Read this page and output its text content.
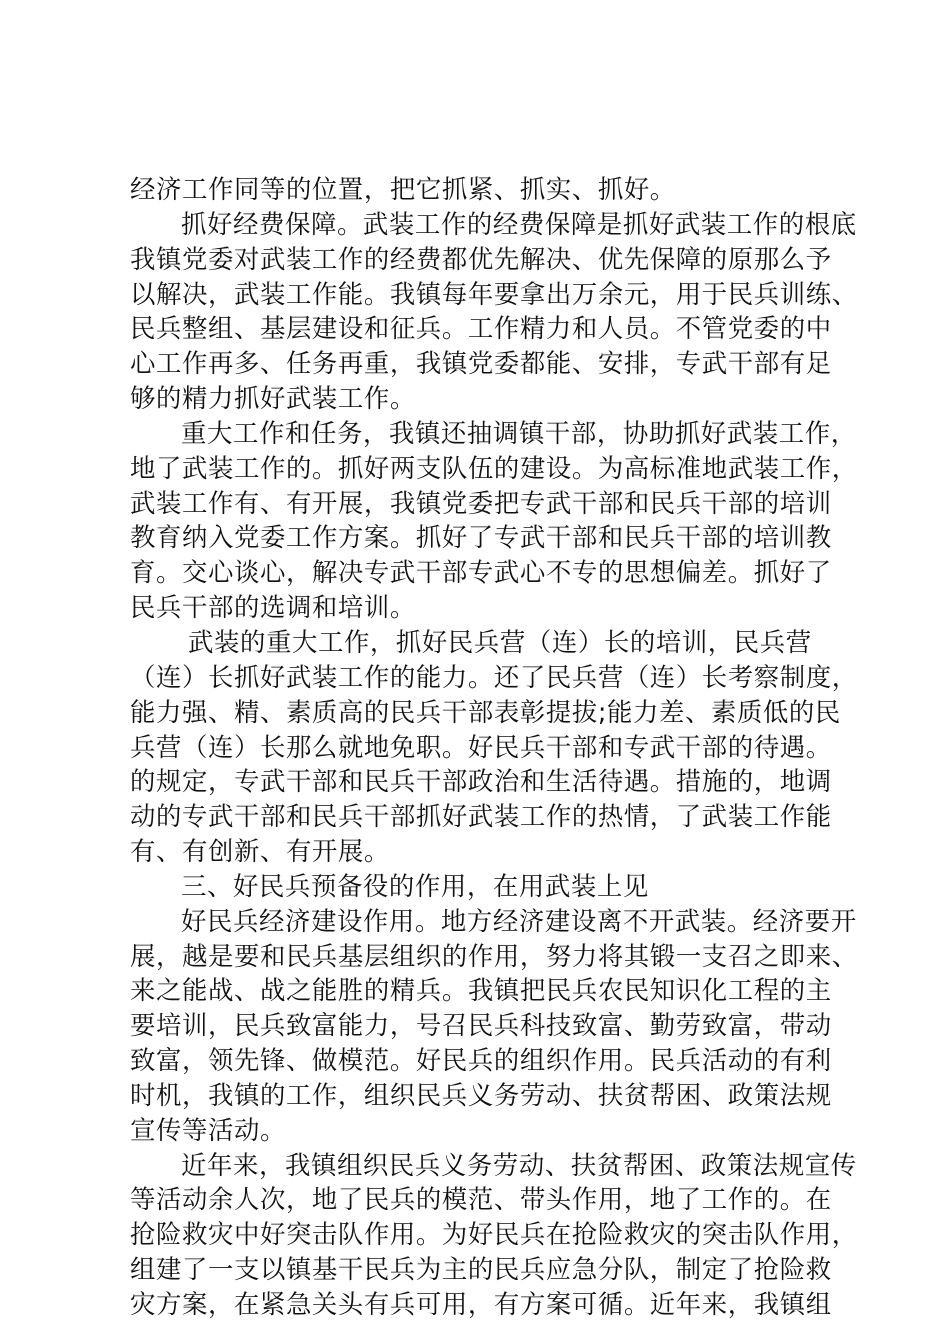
经济工作同等的位置，把它抓紧、抓实、抓好。
抓好经费保障。武装工作的经费保障是抓好武装工作的根底
我镇党委对武装工作的经费都优先解决、优先保障的原那么予
以解决，武装工作能。我镇每年要拿出万余元，用于民兵训练、
民兵整组、基层建设和征兵。工作精力和人员。不管党委的中
心工作再多、任务再重，我镇党委都能、安排，专武干部有足
够的精力抓好武装工作。
重大工作和任务，我镇还抽调镇干部，协助抓好武装工作，
地了武装工作的。抓好两支队伍的建设。为高标准地武装工作，
武装工作有、有开展，我镇党委把专武干部和民兵干部的培训
教育纳入党委工作方案。抓好了专武干部和民兵干部的培训教
育。交心谈心，解决专武干部专武心不专的思想偏差。抓好了
民兵干部的选调和培训。
武装的重大工作，抓好民兵营（连）长的培训，民兵营
（连）长抓好武装工作的能力。还了民兵营（连）长考察制度，
能力强、精、素质高的民兵干部表彰提拔;能力差、素质低的民
兵营（连）长那么就地免职。好民兵干部和专武干部的待遇。
的规定，专武干部和民兵干部政治和生活待遇。措施的，地调
动的专武干部和民兵干部抓好武装工作的热情，了武装工作能
有、有创新、有开展。
三、好民兵预备役的作用，在用武装上见
好民兵经济建设作用。地方经济建设离不开武装。经济要开
展，越是要和民兵基层组织的作用，努力将其锻一支召之即来、
来之能战、战之能胜的精兵。我镇把民兵农民知识化工程的主
要培训，民兵致富能力，号召民兵科技致富、勤劳致富，带动
致富，领先锋、做模范。好民兵的组织作用。民兵活动的有利
时机，我镇的工作，组织民兵义务劳动、扶贫帮困、政策法规
宣传等活动。
近年来，我镇组织民兵义务劳动、扶贫帮困、政策法规宣传
等活动余人次，地了民兵的模范、带头作用，地了工作的。在
抢险救灾中好突击队作用。为好民兵在抢险救灾的突击队作用，
组建了一支以镇基干民兵为主的民兵应急分队，制定了抢险救
灾方案，在紧急关头有兵可用，有方案可循。近年来，我镇组
